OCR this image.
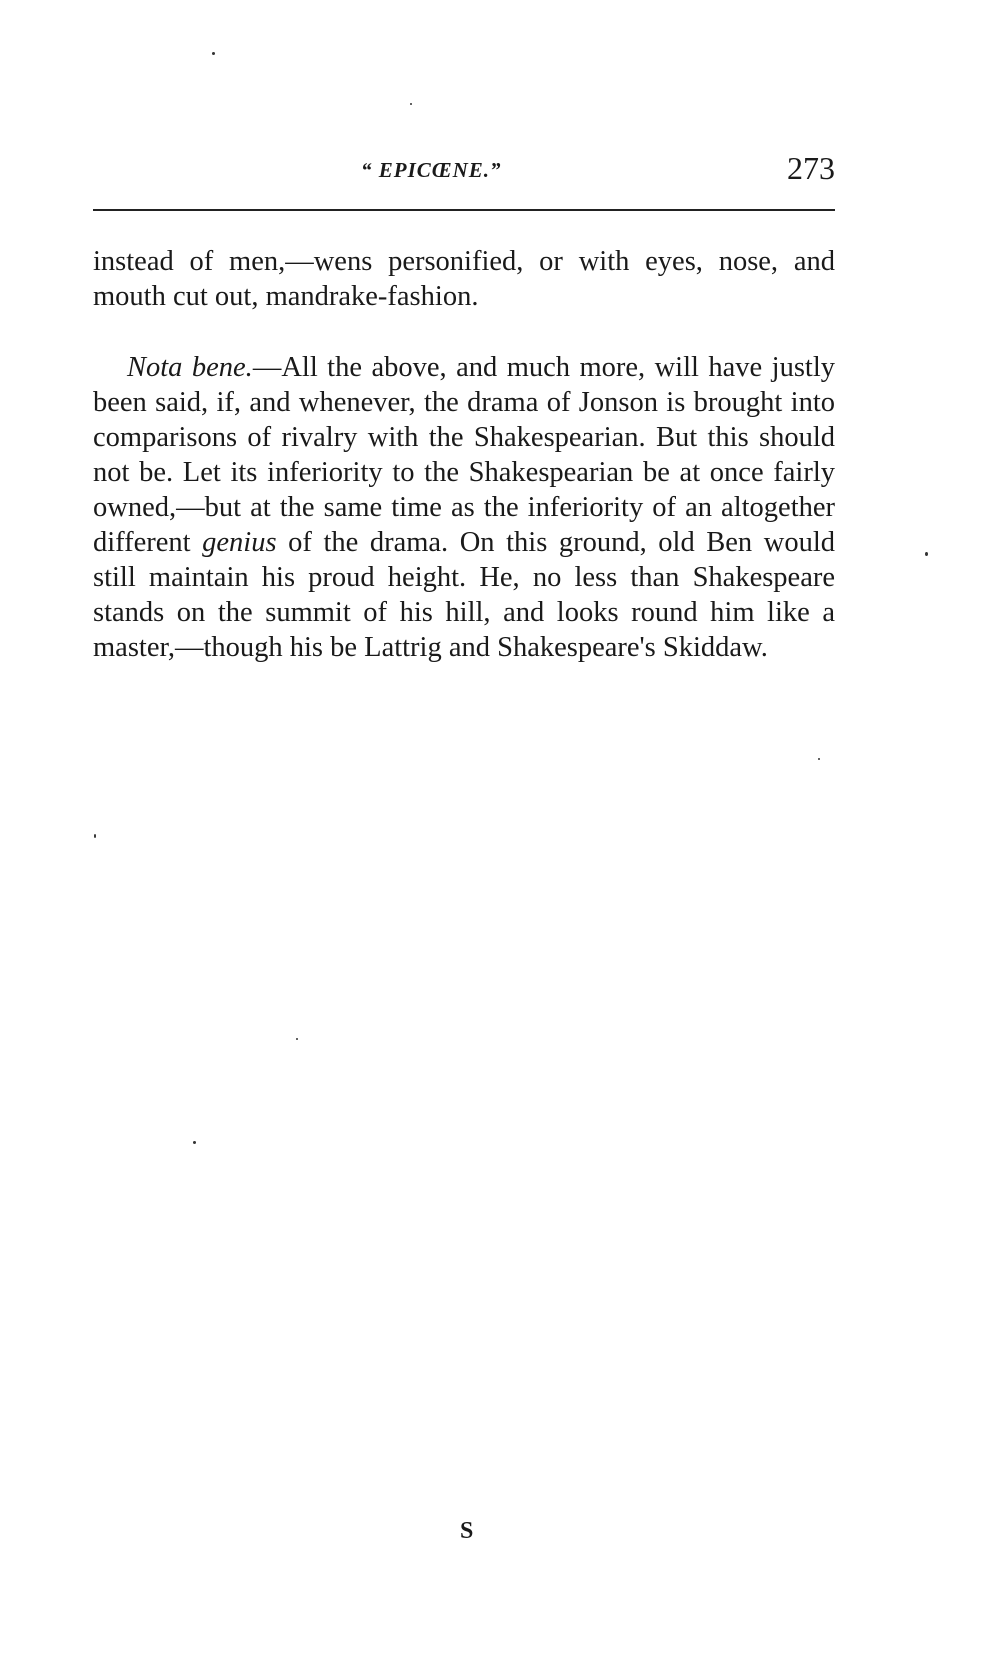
“ EPICŒNE.”	273

instead of men,—wens personified, or with eyes, nose, and mouth cut out, mandrake-fashion.

Nota bene.—All the above, and much more, will have justly been said, if, and whenever, the drama of Jonson is brought into comparisons of rivalry with the Shakespearian. But this should not be. Let its inferiority to the Shakespearian be at once fairly owned,—but at the same time as the inferiority of an altogether different genius of the drama. On this ground, old Ben would still maintain his proud height. He, no less than Shakespeare stands on the summit of his hill, and looks round him like a master,—though his be Lattrig and Shakespeare's Skiddaw.

S
